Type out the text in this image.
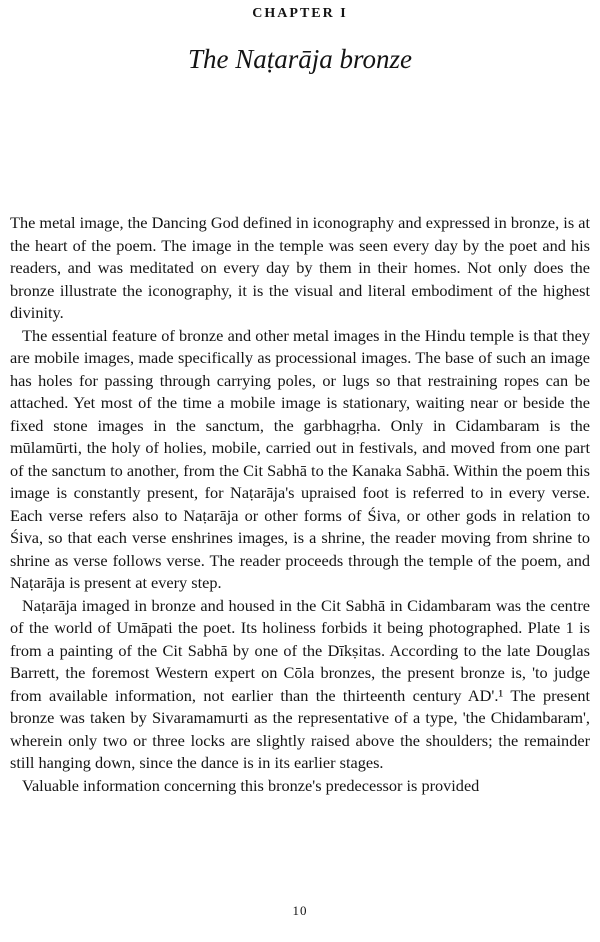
CHAPTER I
The Naṭarāja bronze

The metal image, the Dancing God defined in iconography and expressed in bronze, is at the heart of the poem. The image in the temple was seen every day by the poet and his readers, and was meditated on every day by them in their homes. Not only does the bronze illustrate the iconography, it is the visual and literal embodiment of the highest divinity.

The essential feature of bronze and other metal images in the Hindu temple is that they are mobile images, made specifically as processional images. The base of such an image has holes for passing through carrying poles, or lugs so that restraining ropes can be attached. Yet most of the time a mobile image is stationary, waiting near or beside the fixed stone images in the sanctum, the garbhagṛha. Only in Cidambaram is the mūlamūrti, the holy of holies, mobile, carried out in festivals, and moved from one part of the sanctum to another, from the Cit Sabhā to the Kanaka Sabhā. Within the poem this image is constantly present, for Naṭarāja's upraised foot is referred to in every verse. Each verse refers also to Naṭarāja or other forms of Śiva, or other gods in relation to Śiva, so that each verse enshrines images, is a shrine, the reader moving from shrine to shrine as verse follows verse. The reader proceeds through the temple of the poem, and Naṭarāja is present at every step.

Naṭarāja imaged in bronze and housed in the Cit Sabhā in Cidambaram was the centre of the world of Umāpati the poet. Its holiness forbids it being photographed. Plate 1 is from a painting of the Cit Sabhā by one of the Dīkṣitas. According to the late Douglas Barrett, the foremost Western expert on Cōla bronzes, the present bronze is, 'to judge from available information, not earlier than the thirteenth century AD'.¹ The present bronze was taken by Sivaramamurti as the representative of a type, 'the Chidambaram', wherein only two or three locks are slightly raised above the shoulders; the remainder still hanging down, since the dance is in its earlier stages.

Valuable information concerning this bronze's predecessor is provided

10
